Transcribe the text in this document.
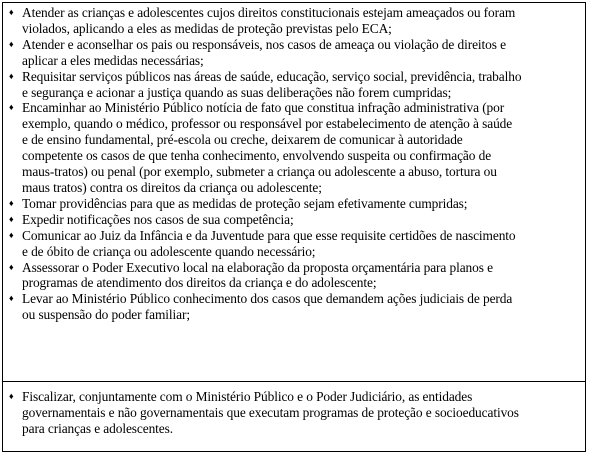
♦ Atender as crianças e adolescentes cujos direitos constitucionais estejam ameaçados ou foram
violados, aplicando a eles as medidas de proteção previstas pelo ECA;
♦ Atender e aconselhar os pais ou responsáveis, nos casos de ameaça ou violação de direitos e
aplicar a eles medidas necessárias;
♦ Requisitar serviços públicos nas áreas de saúde, educação, serviço social, previdência, trabalho
e segurança e acionar a justiça quando as suas deliberações não forem cumpridas;
♦ Encaminhar ao Ministério Público notícia de fato que constitua infração administrativa (por
exemplo, quando o médico, professor ou responsável por estabelecimento de atenção à saúde
e de ensino fundamental, pré-escola ou creche, deixarem de comunicar à autoridade
competente os casos de que tenha conhecimento, envolvendo suspeita ou confirmação de
maus-tratos) ou penal (por exemplo, submeter a criança ou adolescente a abuso, tortura ou
maus tratos) contra os direitos da criança ou adolescente;
♦ Tomar providências para que as medidas de proteção sejam efetivamente cumpridas;
♦ Expedir notificações nos casos de sua competência;
♦ Comunicar ao Juiz da Infância e da Juventude para que esse requisite certidões de nascimento
e de óbito de criança ou adolescente quando necessário;
♦ Assessorar o Poder Executivo local na elaboração da proposta orçamentária para planos e
programas de atendimento dos direitos da criança e do adolescente;
♦ Levar ao Ministério Público conhecimento dos casos que demandem ações judiciais de perda
ou suspensão do poder familiar;
♦ Fiscalizar, conjuntamente com o Ministério Público e o Poder Judiciário, as entidades
governamentais e não governamentais que executam programas de proteção e socioeducativos
para crianças e adolescentes.
